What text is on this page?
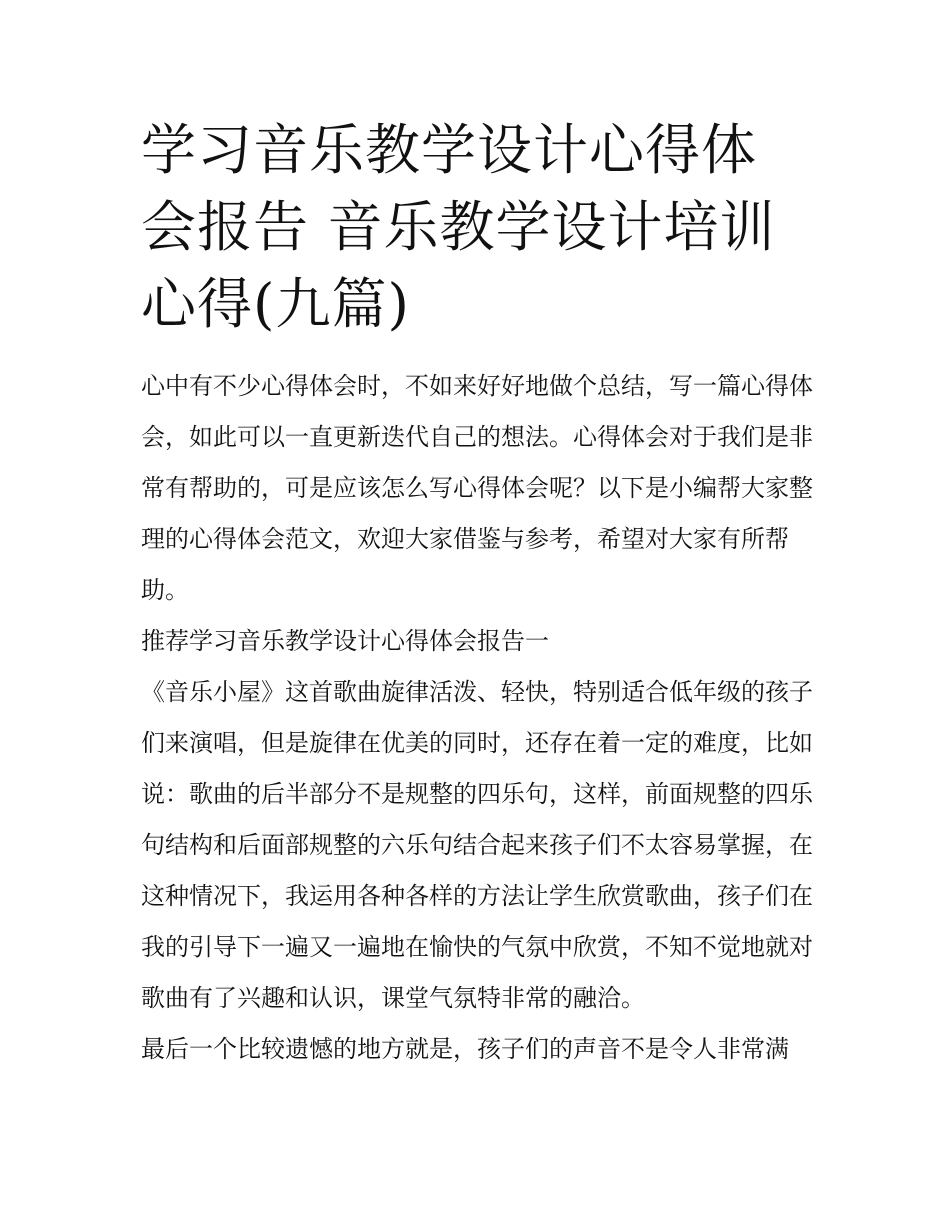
学习音乐教学设计心得体会报告 音乐教学设计培训心得(九篇)

心中有不少心得体会时，不如来好好地做个总结，写一篇心得体会，如此可以一直更新迭代自己的想法。心得体会对于我们是非常有帮助的，可是应该怎么写心得体会呢？以下是小编帮大家整理的心得体会范文，欢迎大家借鉴与参考，希望对大家有所帮助。

推荐学习音乐教学设计心得体会报告一

《音乐小屋》这首歌曲旋律活泼、轻快，特别适合低年级的孩子们来演唱，但是旋律在优美的同时，还存在着一定的难度，比如说：歌曲的后半部分不是规整的四乐句，这样，前面规整的四乐句结构和后面部规整的六乐句结合起来孩子们不太容易掌握，在这种情况下，我运用各种各样的方法让学生欣赏歌曲，孩子们在我的引导下一遍又一遍地在愉快的气氛中欣赏，不知不觉地就对歌曲有了兴趣和认识，课堂气氛特非常的融洽。

最后一个比较遗憾的地方就是，孩子们的声音不是令人非常满
